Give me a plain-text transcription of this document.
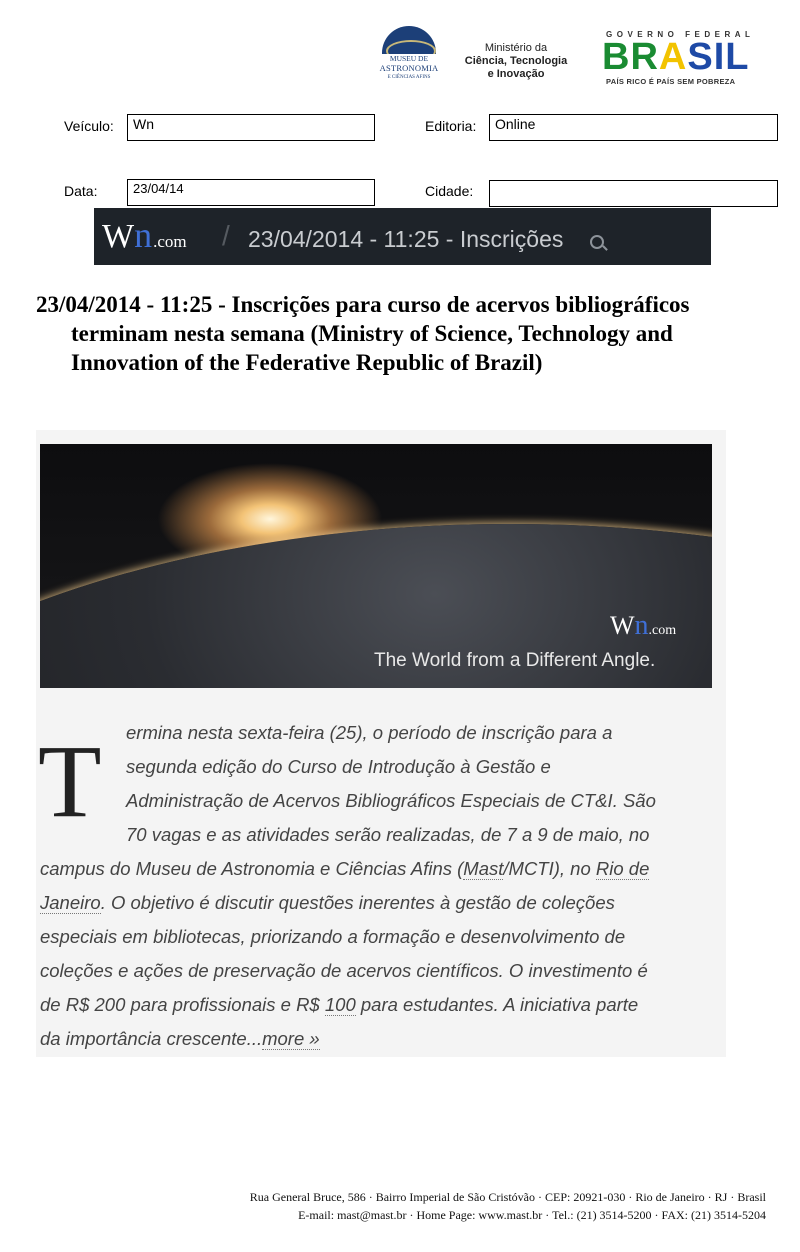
MUSEU DE
ASTRONOMIA
E CIÊNCIAS AFINS
Ministério da
Ciência, Tecnologia
e Inovação
GOVERNO FEDERAL
BRASIL
PAÍS RICO É PAÍS SEM POBREZA
Veículo:	Wn	Editoria:	Online
Data:	23/04/14	Cidade:
Wn.com / 23/04/2014 - 11:25 - Inscrições
23/04/2014 - 11:25 - Inscrições para curso de acervos bibliográficos terminam nesta semana (Ministry of Science, Technology and Innovation of the Federative Republic of Brazil)
Wn.com
The World from a Different Angle.
T	ermina nesta sexta-feira (25), o período de inscrição para a
segunda edição do Curso de Introdução à Gestão e
Administração de Acervos Bibliográficos Especiais de CT&I. São
70 vagas e as atividades serão realizadas, de 7 a 9 de maio, no
campus do Museu de Astronomia e Ciências Afins (Mast/MCTI), no Rio de
Janeiro. O objetivo é discutir questões inerentes à gestão de coleções
especiais em bibliotecas, priorizando a formação e desenvolvimento de
coleções e ações de preservação de acervos científicos. O investimento é
de R$ 200 para profissionais e R$ 100 para estudantes. A iniciativa parte
da importância crescente...more »
Rua General Bruce, 586 · Bairro Imperial de São Cristóvão · CEP: 20921-030 · Rio de Janeiro · RJ · Brasil
E-mail: mast@mast.br · Home Page: www.mast.br · Tel.: (21) 3514-5200 · FAX: (21) 3514-5204
